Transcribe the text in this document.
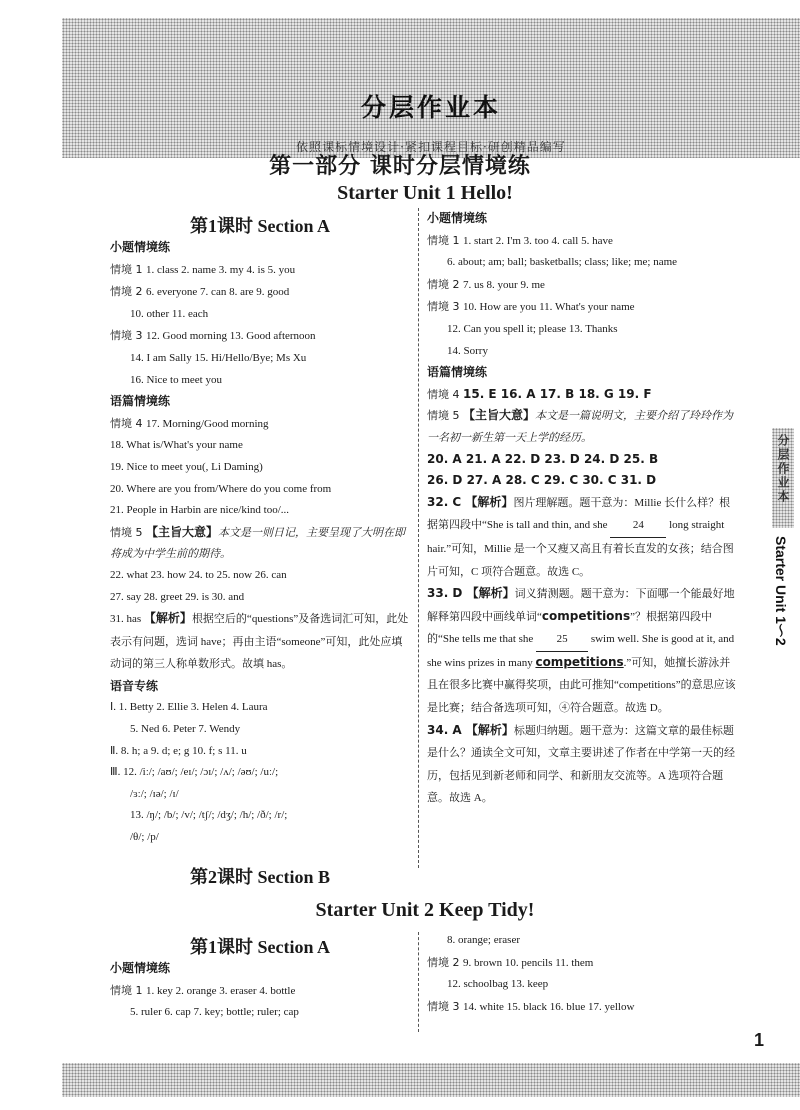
分层作业本
依照课标情境设计·紧扣课程目标·研创精品编写
第一部分 课时分层情境练
Starter Unit 1 Hello!
第1课时 Section A
小题情境练
情境 1 1. class 2. name 3. my 4. is 5. you
情境 2 6. everyone 7. can 8. are 9. good
10. other 11. each
情境 3 12. Good morning 13. Good afternoon
14. I am Sally 15. Hi/Hello/Bye; Ms Xu
16. Nice to meet you
语篇情境练
情境 4 17. Morning/Good morning
18. What is/What's your name
19. Nice to meet you(, Li Daming)
20. Where are you from/Where do you come from
21. People in Harbin are nice/kind too/...
情境 5 【主旨大意】本文是一则日记，主要呈现了大明在即将成为中学生前的期待。
22. what 23. how 24. to 25. now 26. can
27. say 28. greet 29. is 30. and
31. has 【解析】根据空后的“questions”及备选词汇可知，此处表示有问题，选词 have；再由主语“someone”可知，此处应填动词的第三人称单数形式。故填 has。
语音专练
Ⅰ. 1. Betty 2. Ellie 3. Helen 4. Laura
5. Ned 6. Peter 7. Wendy
Ⅱ. 8. h; a 9. d; e; g 10. f; s 11. u
Ⅲ. 12. /iː/; /aʊ/; /eɪ/; /ɔɪ/; /ʌ/; /əʊ/; /uː/;
/ɜː/; /ɪə/; /ɪ/
13. /ŋ/; /b/; /v/; /tʃ/; /dʒ/; /h/; /ð/; /r/;
/θ/; /p/
第2课时 Section B
小题情境练
情境 1 1. start 2. I'm 3. too 4. call 5. have
6. about; am; ball; basketballs; class; like; me; name
情境 2 7. us 8. your 9. me
情境 3 10. How are you 11. What's your name
12. Can you spell it; please 13. Thanks
14. Sorry
语篇情境练
情境 4 15. E 16. A 17. B 18. G 19. F
情境 5 【主旨大意】本文是一篇说明文，主要介绍了玲玲作为一名初一新生第一天上学的经历。
20. A 21. A 22. D 23. D 24. D 25. B
26. D 27. A 28. C 29. C 30. C 31. D
32. C 【解析】图片理解题。题干意为：Millie 长什么样？根据第四段中“She is tall and thin, and she 24 long straight hair.”可知，Millie 是一个又瘦又高且有着长直发的女孩；结合图片可知，C 项符合题意。故选 C。
33. D 【解析】词义猜测题。题干意为：下面哪一个能最好地解释第四段中画线单词“competitions”？根据第四段中的“She tells me that she 25 swim well. She is good at it, and she wins prizes in many competitions.”可知，她擅长游泳并且在很多比赛中赢得奖项，由此可推知“competitions”的意思应该是比赛；结合备选项可知，④符合题意。故选 D。
34. A 【解析】标题归纳题。题干意为：这篇文章的最佳标题是什么？通读全文可知，文章主要讲述了作者在中学第一天的经历，包括见到新老师和同学、和新朋友交流等。A 选项符合题意。故选 A。
Starter Unit 2 Keep Tidy!
第1课时 Section A
小题情境练
情境 1 1. key 2. orange 3. eraser 4. bottle
5. ruler 6. cap 7. key; bottle; ruler; cap
8. orange; eraser
情境 2 9. brown 10. pencils 11. them
12. schoolbag 13. keep
情境 3 14. white 15. black 16. blue 17. yellow
分层作业本
Starter Unit 1～2
1
